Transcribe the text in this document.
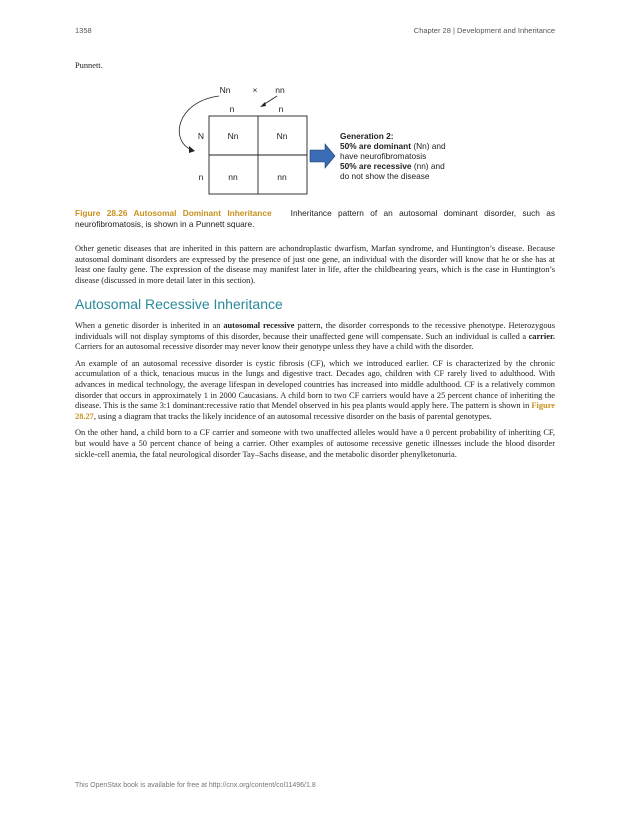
1358	Chapter 28 | Development and Inheritance
Punnett.
Nn	× nn
n	n
N
n
Nn	Nn
nn	nn
Generation 2:
50% are dominant (Nn) and
have neurofibromatosis
50% are recessive (nn) and
do not show the disease
Figure 28.26 Autosomal Dominant Inheritance Inheritance pattern of an autosomal dominant disorder, such as neurofibromatosis, is shown in a Punnett square.

Other genetic diseases that are inherited in this pattern are achondroplastic dwarfism, Marfan syndrome, and Huntington’s disease. Because autosomal dominant disorders are expressed by the presence of just one gene, an individual with the disorder will know that he or she has at least one faulty gene. The expression of the disease may manifest later in life, after the childbearing years, which is the case in Huntington’s disease (discussed in more detail later in this section).

Autosomal Recessive Inheritance

When a genetic disorder is inherited in an autosomal recessive pattern, the disorder corresponds to the recessive phenotype. Heterozygous individuals will not display symptoms of this disorder, because their unaffected gene will compensate. Such an individual is called a carrier. Carriers for an autosomal recessive disorder may never know their genotype unless they have a child with the disorder.

An example of an autosomal recessive disorder is cystic fibrosis (CF), which we introduced earlier. CF is characterized by the chronic accumulation of a thick, tenacious mucus in the lungs and digestive tract. Decades ago, children with CF rarely lived to adulthood. With advances in medical technology, the average lifespan in developed countries has increased into middle adulthood. CF is a relatively common disorder that occurs in approximately 1 in 2000 Caucasians. A child born to two CF carriers would have a 25 percent chance of inheriting the disease. This is the same 3:1 dominant:recessive ratio that Mendel observed in his pea plants would apply here. The pattern is shown in Figure 28.27, using a diagram that tracks the likely incidence of an autosomal recessive disorder on the basis of parental genotypes.

On the other hand, a child born to a CF carrier and someone with two unaffected alleles would have a 0 percent probability of inheriting CF, but would have a 50 percent chance of being a carrier. Other examples of autosome recessive genetic illnesses include the blood disorder sickle-cell anemia, the fatal neurological disorder Tay–Sachs disease, and the metabolic disorder phenylketonuria.

This OpenStax book is available for free at http://cnx.org/content/col11496/1.8
